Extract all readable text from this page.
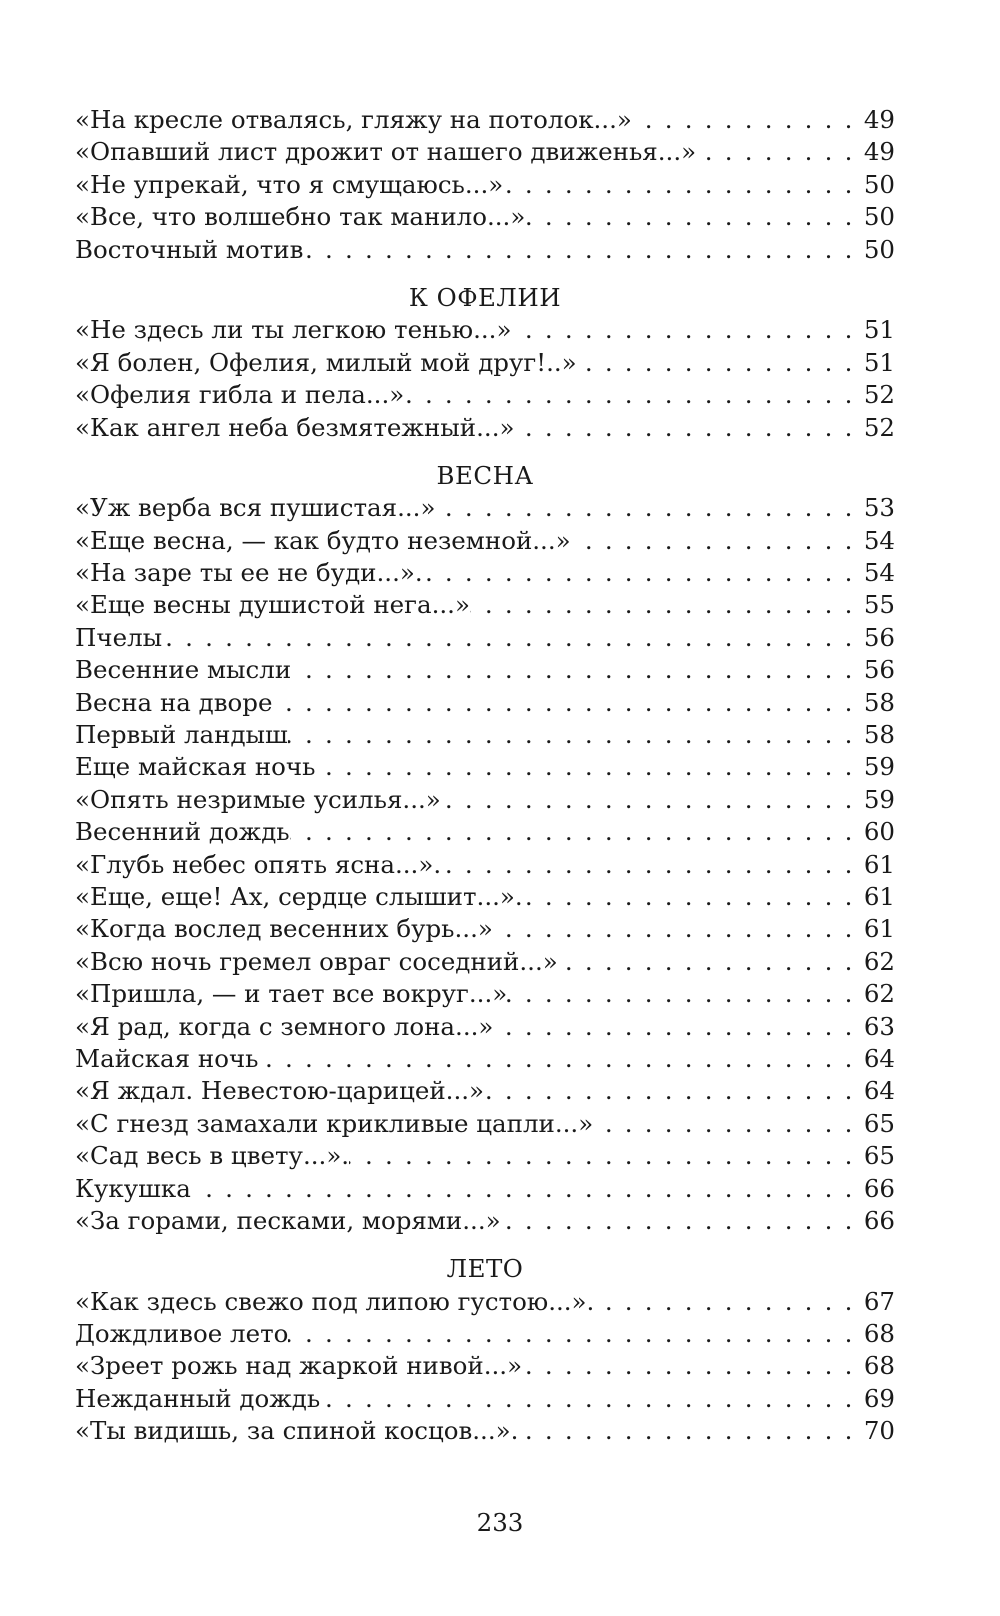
«На кресле отвалясь, гляжу на потолок...» . . .	49
«Опавший лист дрожит от нашего движенья...» . . .	49
«Не упрекай, что я смущаюсь...» . . .	50
«Все, что волшебно так манило...» . . .	50
Восточный мотив . . .	50
К ОФЕЛИИ
«Не здесь ли ты легкою тенью...» . . .	51
«Я болен, Офелия, милый мой друг!..» . . .	51
«Офелия гибла и пела...» . . .	52
«Как ангел неба безмятежный...» . . .	52
ВЕСНА
«Уж верба вся пушистая...» . . .	53
«Еще весна, — как будто неземной...» . . .	54
«На заре ты ее не буди...». . . .	54
«Еще весны душистой нега...» . . .	55
Пчелы . . .	56
Весенние мысли . . .	56
Весна на дворе . . .	58
Первый ландыш . . .	58
Еще майская ночь . . .	59
«Опять незримые усилья...» . . .	59
Весенний дождь . . .	60
«Глубь небес опять ясна...». . . .	61
«Еще, еще! Ах, сердце слышит...». . . .	61
«Когда вослед весенних бурь...» . . .	61
«Всю ночь гремел овраг соседний...» . . .	62
«Пришла, — и тает все вокруг...» . . .	62
«Я рад, когда с земного лона...» . . .	63
Майская ночь . . .	64
«Я ждал. Невестою-царицей...» . . .	64
«С гнезд замахали крикливые цапли...» . . .	65
«Сад весь в цвету...». . . .	65
Кукушка . . .	66
«За горами, песками, морями...» . . .	66
ЛЕТО
«Как здесь свежо под липою густою...». . . .	67
Дождливое лето . . .	68
«Зреет рожь над жаркой нивой...» . . .	68
Нежданный дождь . . .	69
«Ты видишь, за спиной косцов...». . . .	70
233
